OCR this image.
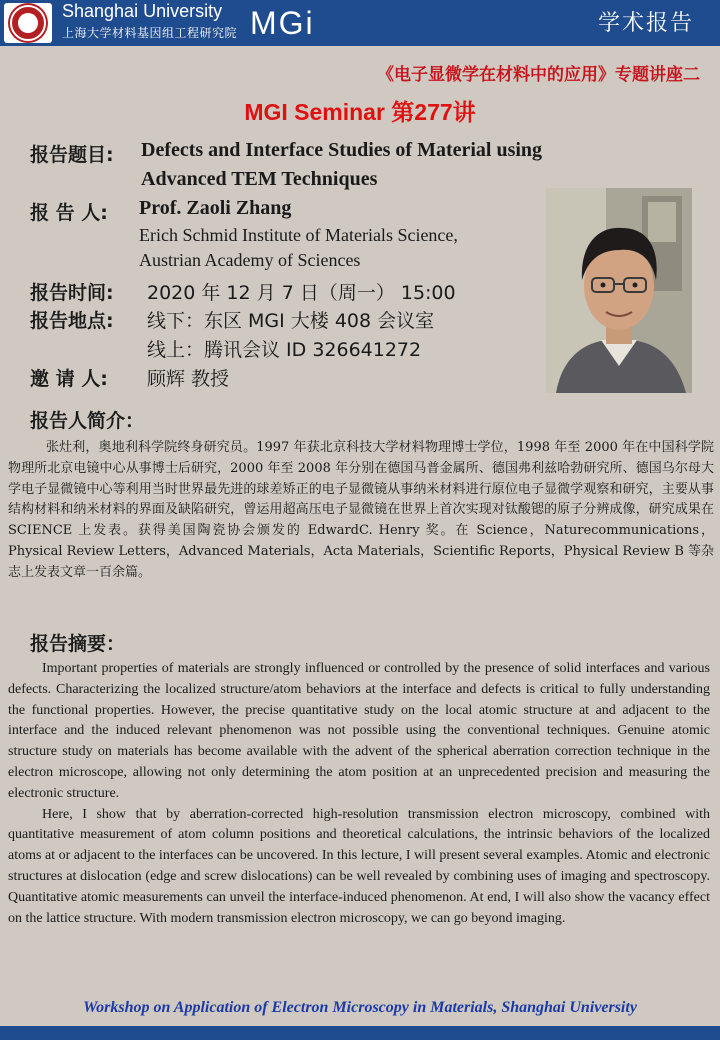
Shanghai University
上海大学材料基因组工程研究院 MGi	学术报告
《电子显微学在材料中的应用》专题讲座二
MGI Seminar 第277讲
报告题目: Defects and Interface Studies of Material using
Advanced TEM Techniques
报 告 人: Prof. Zaoli Zhang
Erich Schmid Institute of Materials Science,
Austrian Academy of Sciences
报告时间: 2020 年 12 月 7 日（周一） 15:00
报告地点: 线下：东区 MGI 大楼 408 会议室
线上：腾讯会议 ID 326641272
邀 请 人: 顾辉 教授
报告人简介：
张灶利，奥地利科学院终身研究员。1997 年获北京科技大学材料物理博士学位，1998 年至 2000 年在中国科学院物理所北京电镜中心从事博士后研究，2000 年至 2008 年分别在德国马普金属所、德国弗利兹哈勃研究所、德国乌尔母大学电子显微镜中心等利用当时世界最先进的球差矫正的电子显微镜从事纳米材料进行原位电子显微学观察和研究，主要从事结构材料和纳米材料的界面及缺陷研究，曾运用超高压电子显微镜在世界上首次实现对钛酸锶的原子分辨成像，研究成果在 SCIENCE 上发表。获得美国陶瓷协会颁发的 EdwardC. Henry 奖。在 Science，Naturecommunications，Physical Review Letters，Advanced Materials，Acta Materials，Scientific Reports，Physical Review B 等杂志上发表文章一百余篇。
报告摘要：

Important properties of materials are strongly influenced or controlled by the presence of solid interfaces and various defects. Characterizing the localized structure/atom behaviors at the interface and defects is critical to fully understanding the functional properties. However, the precise quantitative study on the local atomic structure at and adjacent to the interface and the induced relevant phenomenon was not possible using the conventional techniques. Genuine atomic structure study on materials has become available with the advent of the spherical aberration correction technique in the electron microscope, allowing not only determining the atom position at an unprecedented precision and measuring the electronic structure.

Here, I show that by aberration-corrected high-resolution transmission electron microscopy, combined with quantitative measurement of atom column positions and theoretical calculations, the intrinsic behaviors of the localized atoms at or adjacent to the interfaces can be uncovered. In this lecture, I will present several examples. Atomic and electronic structures at dislocation (edge and screw dislocations) can be well revealed by combining uses of imaging and spectroscopy. Quantitative atomic measurements can unveil the interface-induced phenomenon. At end, I will also show the vacancy effect on the lattice structure. With modern transmission electron microscopy, we can go beyond imaging.

Workshop on Application of Electron Microscopy in Materials, Shanghai University
